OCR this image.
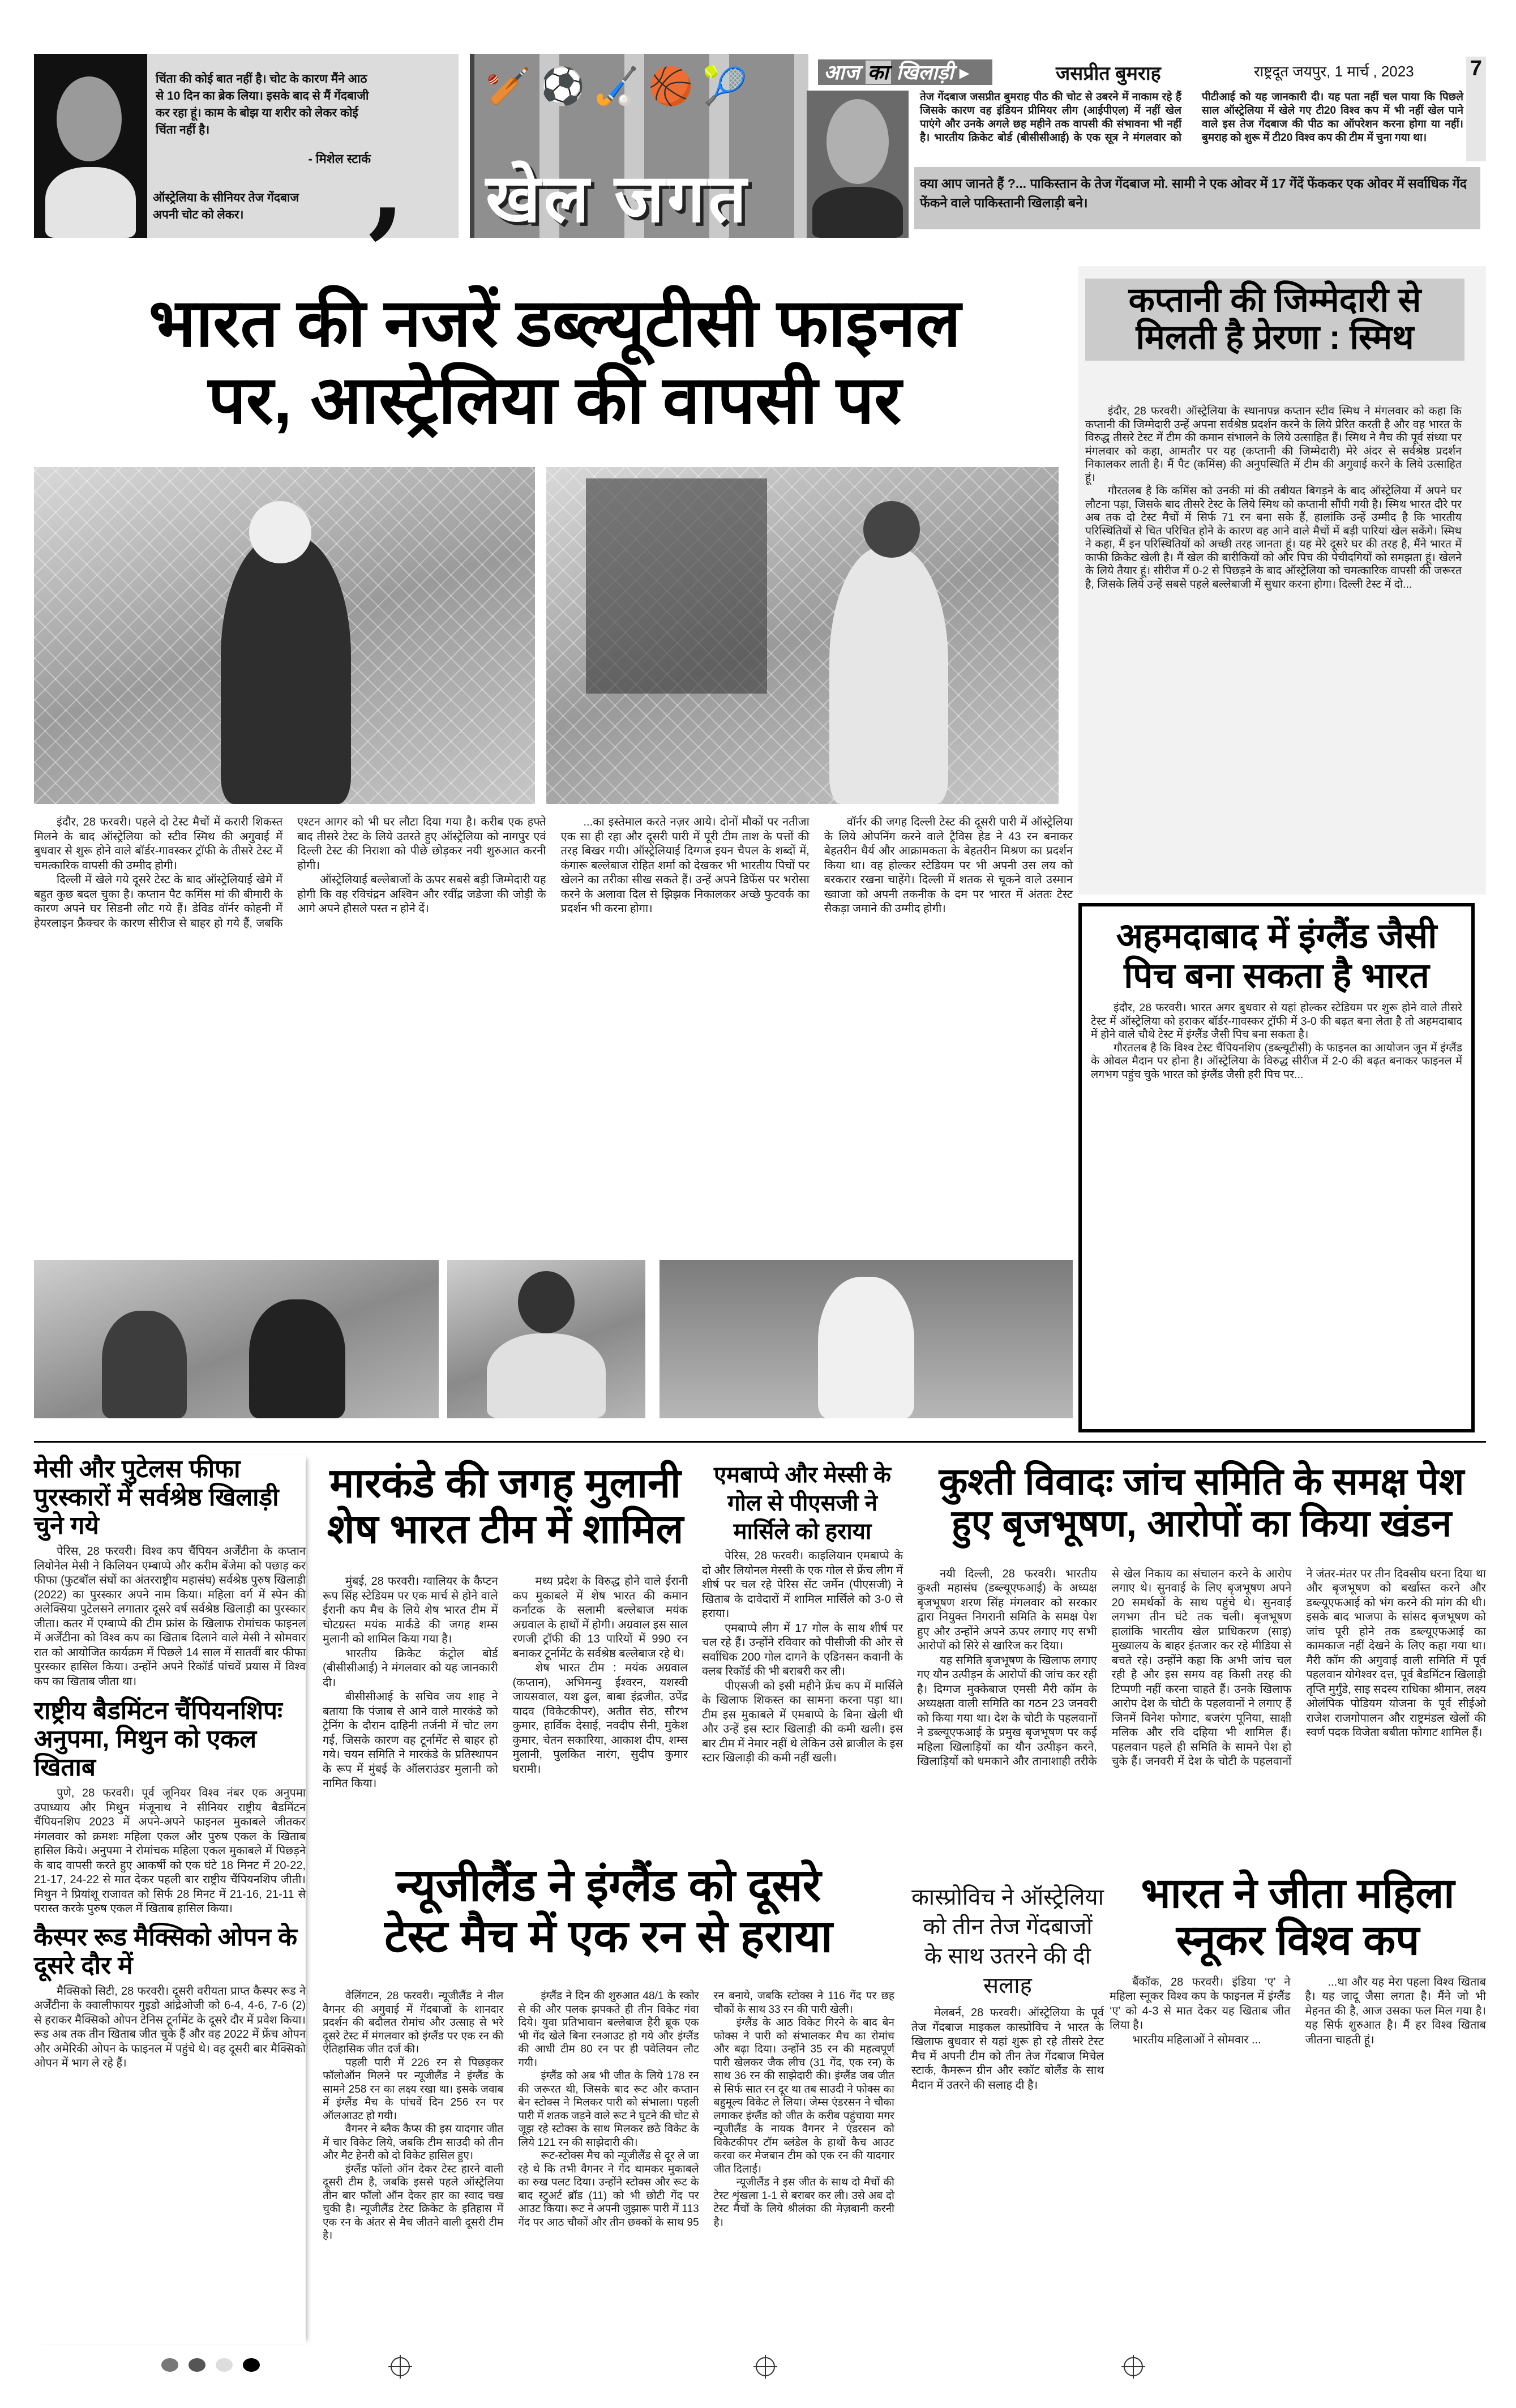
चिंता की कोई बात नहीं है। चोट के कारण मैंने आठ से 10 दिन का ब्रेक लिया। इसके बाद से मैं गेंदबाजी कर रहा हूं। काम के बोझ या शरीर को लेकर कोई चिंता नहीं है।
- मिशेल स्टार्क
ऑस्ट्रेलिया के सीनियर तेज गेंदबाज अपनी चोट को लेकर।	,
🏏⚽🏑🏀🎾
खेल जगत
आज का खिलाड़ी ▸	जसप्रीत बुमराह	राष्ट्रदूत जयपुर, 1 मार्च , 2023	7
तेज गेंदबाज जसप्रीत बुमराह पीठ की चोट से उबरने में नाकाम रहे हैं जिसके कारण वह इंडियन प्रीमियर लीग (आईपीएल) में नहीं खेल पाएंगे और उनके अगले छह महीने तक वापसी की संभावना भी नहीं है। भारतीय क्रिकेट बोर्ड (बीसीसीआई) के एक सूत्र ने मंगलवार को पीटीआई को यह जानकारी दी। यह पता नहीं चल पाया कि पिछले साल ऑस्ट्रेलिया में खेले गए टी20 विश्व कप में भी नहीं खेल पाने वाले इस तेज गेंदबाज की पीठ का ऑपरेशन करना होगा या नहीं। बुमराह को शुरू में टी20 विश्व कप की टीम में चुना गया था।
क्या आप जानते हैं ?... पाकिस्तान के तेज गेंदबाज मो. सामी ने एक ओवर में 17 गेंदें फेंककर एक ओवर में सर्वाधिक गेंद फेंकने वाले पाकिस्तानी खिलाड़ी बने।
भारत की नजरें डब्ल्यूटीसी फाइनल
पर, आस्ट्रेलिया की वापसी पर

इंदौर, 28 फरवरी। पहले दो टेस्ट मैचों में करारी शिकस्त मिलने के बाद ऑस्ट्रेलिया को स्टीव स्मिथ की अगुवाई में बुधवार से शुरू होने वाले बॉर्डर-गावस्कर ट्रॉफी के तीसरे टेस्ट में चमत्कारिक वापसी की उम्मीद होगी।

दिल्ली में खेले गये दूसरे टेस्ट के बाद ऑस्ट्रेलियाई खेमे में बहुत कुछ बदल चुका है। कप्तान पैट कमिंस मां की बीमारी के कारण अपने घर सिडनी लौट गये हैं। डेविड वॉर्नर कोहनी में हेयरलाइन फ्रैक्चर के कारण सीरीज से बाहर हो गये हैं, जबकि एश्टन आगर को भी घर लौटा दिया गया है। करीब एक हफ्ते बाद तीसरे टेस्ट के लिये उतरते हुए ऑस्ट्रेलिया को नागपुर एवं दिल्ली टेस्ट की निराशा को पीछे छोड़कर नयी शुरुआत करनी होगी।

ऑस्ट्रेलियाई बल्लेबाजों के ऊपर सबसे बड़ी जिम्मेदारी यह होगी कि वह रविचंद्रन अश्विन और रवींद्र जडेजा की जोड़ी के आगे अपने हौसले पस्त न होने दें।

...का इस्तेमाल करते नज़र आये। दोनों मौकों पर नतीजा एक सा ही रहा और दूसरी पारी में पूरी टीम ताश के पत्तों की तरह बिखर गयी। ऑस्ट्रेलियाई दिग्गज इयन चैपल के शब्दों में, कंगारू बल्लेबाज रोहित शर्मा को देखकर भी भारतीय पिचों पर खेलने का तरीका सीख सकते हैं। उन्हें अपने डिफेंस पर भरोसा करने के अलावा दिल से झिझक निकालकर अच्छे फुटवर्क का प्रदर्शन भी करना होगा।

वॉर्नर की जगह दिल्ली टेस्ट की दूसरी पारी में ऑस्ट्रेलिया के लिये ओपनिंग करने वाले ट्रैविस हेड ने 43 रन बनाकर बेहतरीन धैर्य और आक्रामकता के बेहतरीन मिश्रण का प्रदर्शन किया था। वह होल्कर स्टेडियम पर भी अपनी उस लय को बरकरार रखना चाहेंगे। दिल्ली में शतक से चूकने वाले उस्मान ख्वाजा को अपनी तकनीक के दम पर भारत में अंततः टेस्ट सैकड़ा जमाने की उम्मीद होगी।

कप्तानी की जिम्मेदारी से मिलती है प्रेरणा : स्मिथ

इंदौर, 28 फरवरी। ऑस्ट्रेलिया के स्थानापन्न कप्तान स्टीव स्मिथ ने मंगलवार को कहा कि कप्तानी की जिम्मेदारी उन्हें अपना सर्वश्रेष्ठ प्रदर्शन करने के लिये प्रेरित करती है और वह भारत के विरुद्ध तीसरे टेस्ट में टीम की कमान संभालने के लिये उत्साहित हैं। स्मिथ ने मैच की पूर्व संध्या पर मंगलवार को कहा, आमतौर पर यह (कप्तानी की जिम्मेदारी) मेरे अंदर से सर्वश्रेष्ठ प्रदर्शन निकालकर लाती है। मैं पैट (कमिंस) की अनुपस्थिति में टीम की अगुवाई करने के लिये उत्साहित हूं।

गौरतलब है कि कमिंस को उनकी मां की तबीयत बिगड़ने के बाद ऑस्ट्रेलिया में अपने घर लौटना पड़ा, जिसके बाद तीसरे टेस्ट के लिये स्मिथ को कप्तानी सौंपी गयी है। स्मिथ भारत दौरे पर अब तक दो टेस्ट मैचों में सिर्फ 71 रन बना सके हैं, हालांकि उन्हें उम्मीद है कि भारतीय परिस्थितियों से चित परिचित होने के कारण वह आने वाले मैचों में बड़ी पारियां खेल सकेंगे। स्मिथ ने कहा, मैं इन परिस्थितियों को अच्छी तरह जानता हूं। यह मेरे दूसरे घर की तरह है, मैंने भारत में काफी क्रिकेट खेली है। मैं खेल की बारीकियों को और पिच की पेचीदगियों को समझता हूं। खेलने के लिये तैयार हूं। सीरीज में 0-2 से पिछड़ने के बाद ऑस्ट्रेलिया को चमत्कारिक वापसी की जरूरत है, जिसके लिये उन्हें सबसे पहले बल्लेबाजी में सुधार करना होगा। दिल्ली टेस्ट में दो...

अहमदाबाद में इंग्लैंड जैसी पिच बना सकता है भारत

इंदौर, 28 फरवरी। भारत अगर बुधवार से यहां होल्कर स्टेडियम पर शुरू होने वाले तीसरे टेस्ट में ऑस्ट्रेलिया को हराकर बॉर्डर-गावस्कर ट्रॉफी में 3-0 की बढ़त बना लेता है तो अहमदाबाद में होने वाले चौथे टेस्ट में इंग्लैंड जैसी पिच बना सकता है।

गौरतलब है कि विश्व टेस्ट चैंपियनशिप (डब्ल्यूटीसी) के फाइनल का आयोजन जून में इंग्लैंड के ओवल मैदान पर होना है। ऑस्ट्रेलिया के विरुद्ध सीरीज में 2-0 की बढ़त बनाकर फाइनल में लगभग पहुंच चुके भारत को इंग्लैंड जैसी हरी पिच पर...

मेसी और पुटेलस फीफा पुरस्कारों में सर्वश्रेष्ठ खिलाड़ी चुने गये

पेरिस, 28 फरवरी। विश्व कप चैंपियन अर्जेंटीना के कप्तान लियोनेल मेसी ने किलियन एम्बाप्पे और करीम बेंजेमा को पछाड़ कर फीफा (फुटबॉल संघों का अंतरराष्ट्रीय महासंघ) सर्वश्रेष्ठ पुरुष खिलाड़ी (2022) का पुरस्कार अपने नाम किया। महिला वर्ग में स्पेन की अलेक्सिया पुटेलसने लगातार दूसरे वर्ष सर्वश्रेष्ठ खिलाड़ी का पुरस्कार जीता। कतर में एम्बाप्पे की टीम फ्रांस के खिलाफ रोमांचक फाइनल में अर्जेंटीना को विश्व कप का खिताब दिलाने वाले मेसी ने सोमवार रात को आयोजित कार्यक्रम में पिछले 14 साल में सातवीं बार फीफा पुरस्कार हासिल किया। उन्होंने अपने रिकॉर्ड पांचवें प्रयास में विश्व कप का खिताब जीता था।

राष्ट्रीय बैडमिंटन चैंपियनशिपः अनुपमा, मिथुन को एकल खिताब

पुणे, 28 फरवरी। पूर्व जूनियर विश्व नंबर एक अनुपमा उपाध्याय और मिथुन मंजूनाथ ने सीनियर राष्ट्रीय बैडमिंटन चैंपियनशिप 2023 में अपने-अपने फाइनल मुकाबले जीतकर मंगलवार को क्रमशः महिला एकल और पुरुष एकल के खिताब हासिल किये। अनुपमा ने रोमांचक महिला एकल मुकाबले में पिछड़ने के बाद वापसी करते हुए आकर्षी को एक घंटे 18 मिनट में 20-22, 21-17, 24-22 से मात देकर पहली बार राष्ट्रीय चैंपियनशिप जीती। मिथुन ने प्रियांशू राजावत को सिर्फ 28 मिनट में 21-16, 21-11 से परास्त करके पुरुष एकल में खिताब हासिल किया।

कैस्पर रूड मैक्सिको ओपन के दूसरे दौर में

मैक्सिको सिटी, 28 फरवरी। दूसरी वरीयता प्राप्त कैस्पर रूड ने अर्जेंटीना के क्वालीफायर गुइडो आंद्रेओजी को 6-4, 4-6, 7-6 (2) से हराकर मैक्सिको ओपन टेनिस टूर्नामेंट के दूसरे दौर में प्रवेश किया। रूड अब तक तीन खिताब जीत चुके हैं और वह 2022 में फ्रेंच ओपन और अमेरिकी ओपन के फाइनल में पहुंचे थे। वह दूसरी बार मैक्सिको ओपन में भाग ले रहे हैं।

मारकंडे की जगह मुलानी
शेष भारत टीम में शामिल

मुंबई, 28 फरवरी। ग्वालियर के कैप्टन रूप सिंह स्टेडियम पर एक मार्च से होने वाले ईरानी कप मैच के लिये शेष भारत टीम में चोटग्रस्त मयंक मार्कंडे की जगह शम्स मुलानी को शामिल किया गया है।

भारतीय क्रिकेट कंट्रोल बोर्ड (बीसीसीआई) ने मंगलवार को यह जानकारी दी।

बीसीसीआई के सचिव जय शाह ने बताया कि पंजाब से आने वाले मारकंडे को ट्रेनिंग के दौरान दाहिनी तर्जनी में चोट लग गई, जिसके कारण वह टूर्नामेंट से बाहर हो गये। चयन समिति ने मारकंडे के प्रतिस्थापन के रूप में मुंबई के ऑलराउंडर मुलानी को नामित किया।

मध्य प्रदेश के विरुद्ध होने वाले ईरानी कप मुकाबले में शेष भारत की कमान कर्नाटक के सलामी बल्लेबाज मयंक अग्रवाल के हाथों में होगी। अग्रवाल इस साल रणजी ट्रॉफी की 13 पारियों में 990 रन बनाकर टूर्नामेंट के सर्वश्रेष्ठ बल्लेबाज रहे थे।

शेष भारत टीम : मयंक अग्रवाल (कप्तान), अभिमन्यु ईश्वरन, यशस्वी जायसवाल, यश ढुल, बाबा इंद्रजीत, उपेंद्र यादव (विकेटकीपर), अतीत सेठ, सौरभ कुमार, हार्विक देसाई, नवदीप सैनी, मुकेश कुमार, चेतन सकारिया, आकाश दीप, शम्स मुलानी, पुलकित नारंग, सुदीप कुमार घरामी।

एमबाप्पे और मेस्सी के गोल से पीएसजी ने मार्सिले को हराया

पेरिस, 28 फरवरी। काइलियान एमबाप्पे के दो और लियोनल मेस्सी के एक गोल से फ्रेंच लीग में शीर्ष पर चल रहे पेरिस सेंट जर्मेन (पीएसजी) ने खिताब के दावेदारों में शामिल मार्सिले को 3-0 से हराया।

एमबाप्पे लीग में 17 गोल के साथ शीर्ष पर चल रहे हैं। उन्होंने रविवार को पीसीजी की ओर से सर्वाधिक 200 गोल दागने के एडिनसन कवानी के क्लब रिकॉर्ड की भी बराबरी कर ली।

पीएसजी को इसी महीने फ्रेंच कप में मार्सिले के खिलाफ शिकस्त का सामना करना पड़ा था। टीम इस मुकाबले में एमबाप्पे के बिना खेली थी और उन्हें इस स्टार खिलाड़ी की कमी खली। इस बार टीम में नेमार नहीं थे लेकिन उसे ब्राजील के इस स्टार खिलाड़ी की कमी नहीं खली।

कुश्ती विवादः जांच समिति के समक्ष पेश
हुए बृजभूषण, आरोपों का किया खंडन

नयी दिल्ली, 28 फरवरी। भारतीय कुश्ती महासंघ (डब्ल्यूएफआई) के अध्यक्ष बृजभूषण शरण सिंह मंगलवार को सरकार द्वारा नियुक्त निगरानी समिति के समक्ष पेश हुए और उन्होंने अपने ऊपर लगाए गए सभी आरोपों को सिरे से खारिज कर दिया।

यह समिति बृजभूषण के खिलाफ लगाए गए यौन उत्पीड़न के आरोपों की जांच कर रही है। दिग्गज मुक्केबाज एमसी मैरी कॉम के अध्यक्षता वाली समिति का गठन 23 जनवरी को किया गया था। देश के चोटी के पहलवानों ने डब्ल्यूएफआई के प्रमुख बृजभूषण पर कई महिला खिलाड़ियों का यौन उत्पीड़न करने, खिलाड़ियों को धमकाने और तानाशाही तरीके से खेल निकाय का संचालन करने के आरोप लगाए थे। सुनवाई के लिए बृजभूषण अपने 20 समर्थकों के साथ पहुंचे थे। सुनवाई लगभग तीन घंटे तक चली। बृजभूषण हालांकि भारतीय खेल प्राधिकरण (साइ) मुख्यालय के बाहर इंतजार कर रहे मीडिया से बचते रहे। उन्होंने कहा कि अभी जांच चल रही है और इस समय वह किसी तरह की टिप्पणी नहीं करना चाहते हैं। उनके खिलाफ आरोप देश के चोटी के पहलवानों ने लगाए हैं जिनमें विनेश फोगाट, बजरंग पूनिया, साक्षी मलिक और रवि दहिया भी शामिल हैं। पहलवान पहले ही समिति के सामने पेश हो चुके हैं। जनवरी में देश के चोटी के पहलवानों ने जंतर-मंतर पर तीन दिवसीय धरना दिया था और बृजभूषण को बर्खास्त करने और डब्ल्यूएफआई को भंग करने की मांग की थी। इसके बाद भाजपा के सांसद बृजभूषण को जांच पूरी होने तक डब्ल्यूएफआई का कामकाज नहीं देखने के लिए कहा गया था। मैरी कॉम की अगुवाई वाली समिति में पूर्व पहलवान योगेश्वर दत्त, पूर्व बैडमिंटन खिलाड़ी तृप्ति मुर्गुंडे, साइ सदस्य राधिका श्रीमान, लक्ष्य ओलंपिक पोडियम योजना के पूर्व सीईओ राजेश राजगोपालन और राष्ट्रमंडल खेलों की स्वर्ण पदक विजेता बबीता फोगाट शामिल हैं।

न्यूजीलैंड ने इंग्लैंड को दूसरे
टेस्ट मैच में एक रन से हराया

वेलिंगटन, 28 फरवरी। न्यूजीलैंड ने नील वैगनर की अगुवाई में गेंदबाजों के शानदार प्रदर्शन की बदौलत रोमांच और उत्साह से भरे दूसरे टेस्ट में मंगलवार को इंग्लैंड पर एक रन की ऐतिहासिक जीत दर्ज की।

पहली पारी में 226 रन से पिछड़कर फॉलोऑन मिलने पर न्यूजीलैंड ने इंग्लैंड के सामने 258 रन का लक्ष्य रखा था। इसके जवाब में इंग्लैंड मैच के पांचवें दिन 256 रन पर ऑलआउट हो गयी।

वैगनर ने ब्लैक कैप्स की इस यादगार जीत में चार विकेट लिये, जबकि टीम साउदी को तीन और मैट हेनरी को दो विकेट हासिल हुए।

इंग्लैंड फॉलो ऑन देकर टेस्ट हारने वाली दूसरी टीम है, जबकि इससे पहले ऑस्ट्रेलिया तीन बार फॉलो ऑन देकर हार का स्वाद चख चुकी है। न्यूजीलैंड टेस्ट क्रिकेट के इतिहास में एक रन के अंतर से मैच जीतने वाली दूसरी टीम है।

इंग्लैंड ने दिन की शुरुआत 48/1 के स्कोर से की और पलक झपकते ही तीन विकेट गंवा दिये। युवा प्रतिभावान बल्लेबाज हैरी ब्रूक एक भी गेंद खेले बिना रनआउट हो गये और इंग्लैंड की आधी टीम 80 रन पर ही पवेलियन लौट गयी।

इंग्लैंड को अब भी जीत के लिये 178 रन की जरूरत थी, जिसके बाद रूट और कप्तान बेन स्टोक्स ने मिलकर पारी को संभाला। पहली पारी में शतक जड़ने वाले रूट ने घुटने की चोट से जूझ रहे स्टोक्स के साथ मिलकर छठे विकेट के लिये 121 रन की साझेदारी की।

रूट-स्टोक्स मैच को न्यूजीलैंड से दूर ले जा रहे थे कि तभी वैगनर ने गेंद थामकर मुकाबले का रुख पलट दिया। उन्होंने स्टोक्स और रूट के बाद स्टुअर्ट ब्रॉड (11) को भी छोटी गेंद पर आउट किया। रूट ने अपनी जुझारू पारी में 113 गेंद पर आठ चौकों और तीन छक्कों के साथ 95 रन बनाये, जबकि स्टोक्स ने 116 गेंद पर छह चौकों के साथ 33 रन की पारी खेली।

इंग्लैंड के आठ विकेट गिरने के बाद बेन फोक्स ने पारी को संभालकर मैच का रोमांच और बढ़ा दिया। उन्होंने 35 रन की महत्वपूर्ण पारी खेलकर जैक लीच (31 गेंद, एक रन) के साथ 36 रन की साझेदारी की। इंग्लैंड जब जीत से सिर्फ सात रन दूर था तब साउदी ने फोक्स का बहुमूल्य विकेट ले लिया। जेम्स एंडरसन ने चौका लगाकर इंग्लैंड को जीत के करीब पहुंचाया मगर न्यूजीलैंड के नायक वैगनर ने एंडरसन को विकेटकीपर टॉम ब्लंडेल के हाथों कैच आउट करवा कर मेजबान टीम को एक रन की यादगार जीत दिलाई।

न्यूजीलैंड ने इस जीत के साथ दो मैचों की टेस्ट शृंखला 1-1 से बराबर कर ली। उसे अब दो टेस्ट मैचों के लिये श्रीलंका की मेज़बानी करनी है।

कास्प्रोविच ने ऑस्ट्रेलिया को तीन तेज गेंदबाजों के साथ उतरने की दी सलाह

मेलबर्न, 28 फरवरी। ऑस्ट्रेलिया के पूर्व तेज गेंदबाज माइकल कास्प्रोविच ने भारत के खिलाफ बुधवार से यहां शुरू हो रहे तीसरे टेस्ट मैच में अपनी टीम को तीन तेज गेंदबाज मिचेल स्टार्क, कैमरून ग्रीन और स्कॉट बोलैंड के साथ मैदान में उतरने की सलाह दी है।

भारत ने जीता महिला
स्नूकर विश्व कप

बैंकॉक, 28 फरवरी। इंडिया ‘ए’ ने महिला स्नूकर विश्व कप के फाइनल में इंग्लैंड ‘ए’ को 4-3 से मात देकर यह खिताब जीत लिया है।

भारतीय महिलाओं ने सोमवार ...

...था और यह मेरा पहला विश्व खिताब है। यह जादू जैसा लगता है। मैंने जो भी मेहनत की है, आज उसका फल मिल गया है। यह सिर्फ शुरुआत है। मैं हर विश्व खिताब जीतना चाहती हूं।
